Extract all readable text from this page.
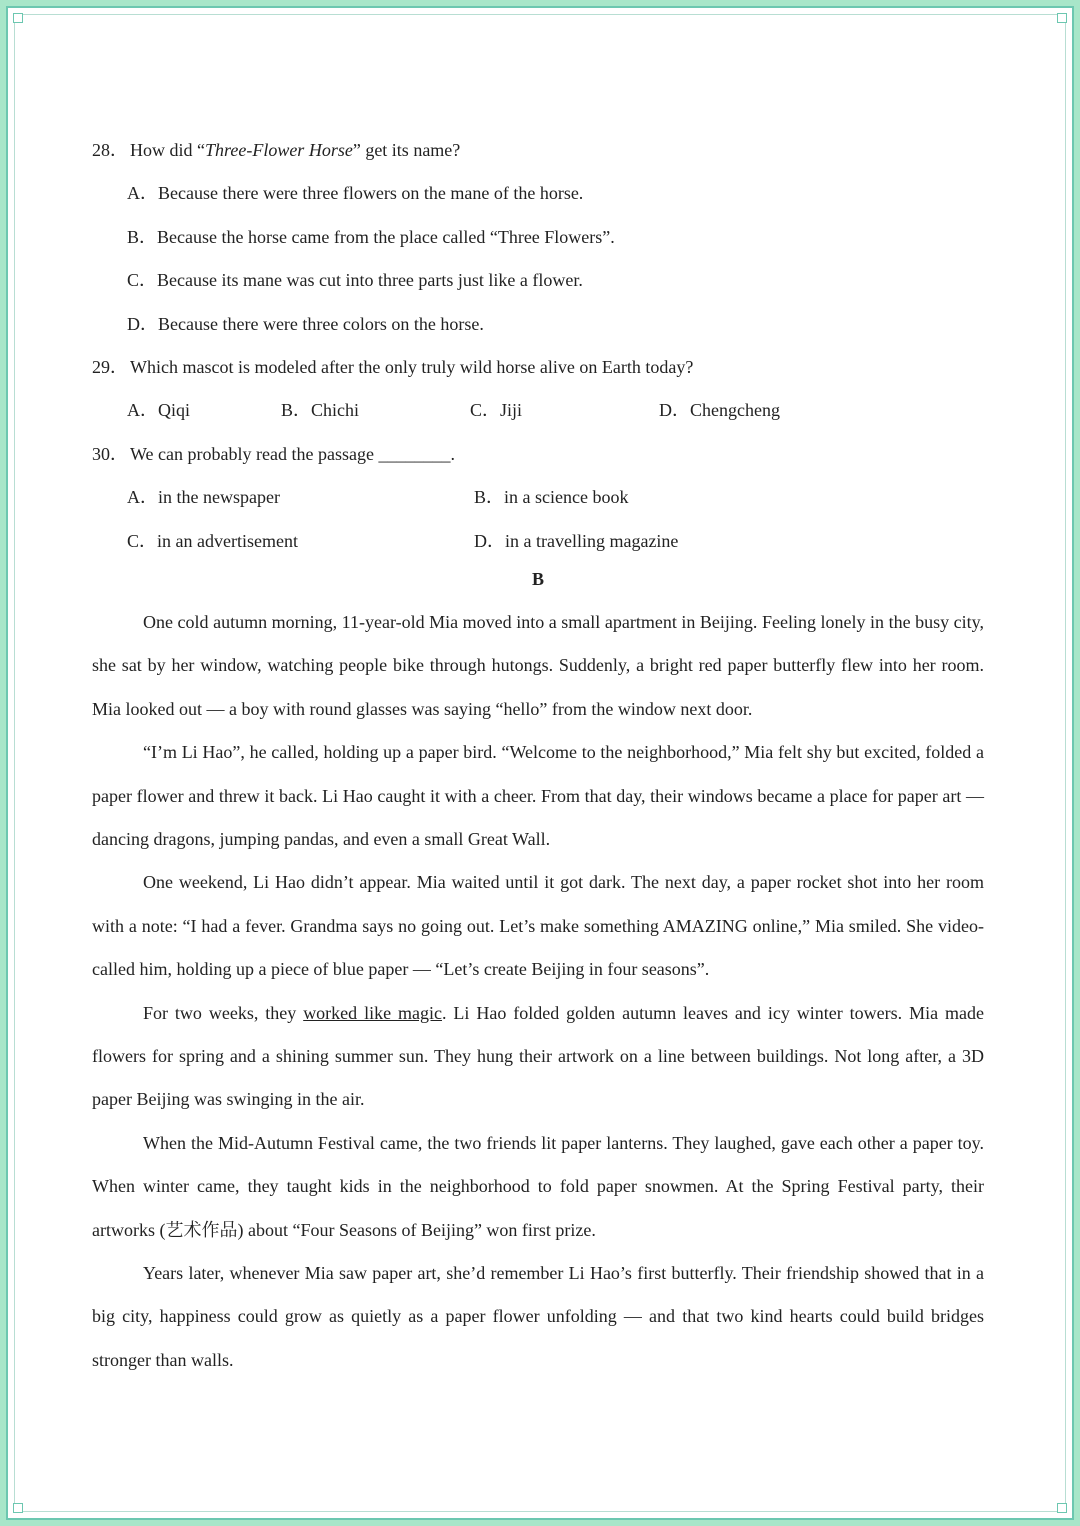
28． How did “Three-Flower Horse” get its name?
A．Because there were three flowers on the mane of the horse.
B．Because the horse came from the place called “Three Flowers”.
C．Because its mane was cut into three parts just like a flower.
D．Because there were three colors on the horse.
29． Which mascot is modeled after the only truly wild horse alive on Earth today?
A．Qiqi	B．Chichi	C．Jiji	D．Chengcheng
30． We can probably read the passage ________.
A．in the newspaper	B．in a science book
C．in an advertisement	D．in a travelling magazine
B

One cold autumn morning, 11-year-old Mia moved into a small apartment in Beijing. Feeling lonely in the busy city, she sat by her window, watching people bike through hutongs. Suddenly, a bright red paper butterfly flew into her room. Mia looked out — a boy with round glasses was saying “hello” from the window next door.

“I’m Li Hao”, he called, holding up a paper bird. “Welcome to the neighborhood,” Mia felt shy but excited, folded a paper flower and threw it back. Li Hao caught it with a cheer. From that day, their windows became a place for paper art — dancing dragons, jumping pandas, and even a small Great Wall.

One weekend, Li Hao didn’t appear. Mia waited until it got dark. The next day, a paper rocket shot into her room with a note: “I had a fever. Grandma says no going out. Let’s make something AMAZING online,” Mia smiled. She video-called him, holding up a piece of blue paper — “Let’s create Beijing in four seasons”.

For two weeks, they worked like magic. Li Hao folded golden autumn leaves and icy winter towers. Mia made flowers for spring and a shining summer sun. They hung their artwork on a line between buildings. Not long after, a 3D paper Beijing was swinging in the air.

When the Mid-Autumn Festival came, the two friends lit paper lanterns. They laughed, gave each other a paper toy. When winter came, they taught kids in the neighborhood to fold paper snowmen. At the Spring Festival party, their artworks (艺术作品) about “Four Seasons of Beijing” won first prize.

Years later, whenever Mia saw paper art, she’d remember Li Hao’s first butterfly. Their friendship showed that in a big city, happiness could grow as quietly as a paper flower unfolding — and that two kind hearts could build bridges stronger than walls.
